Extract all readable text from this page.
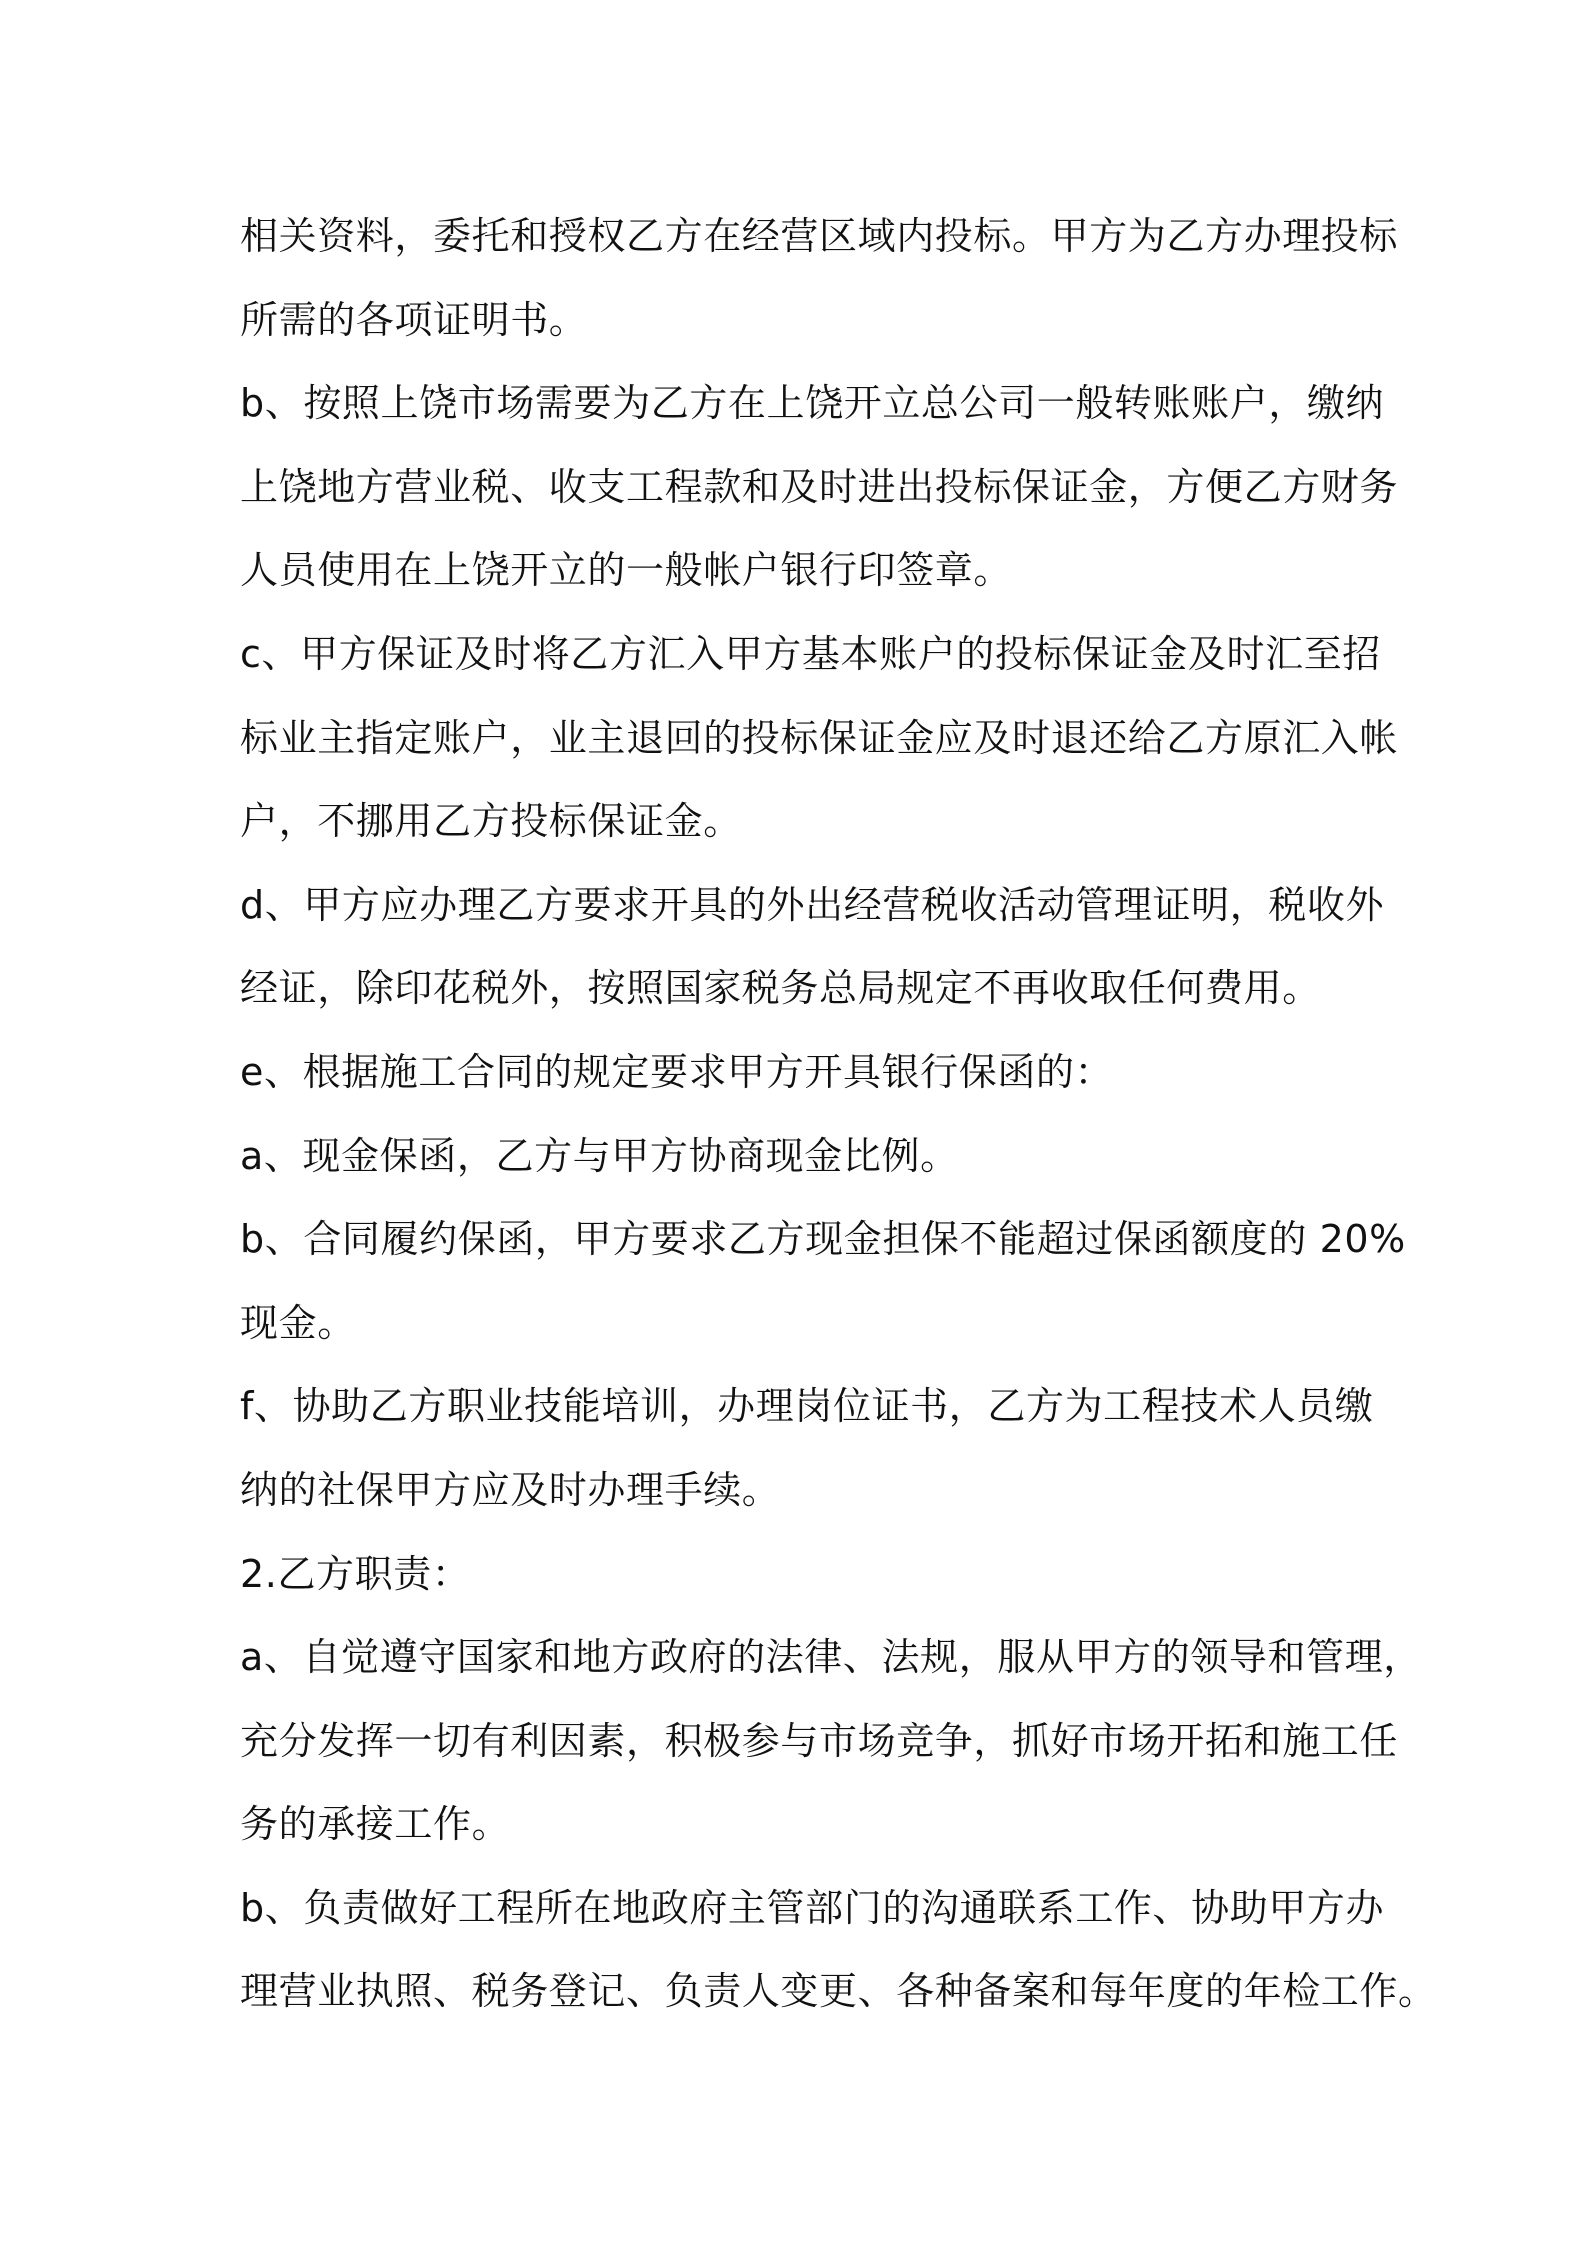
相关资料，委托和授权乙方在经营区域内投标。甲方为乙方办理投标
所需的各项证明书。
b、按照上饶市场需要为乙方在上饶开立总公司一般转账账户，缴纳
上饶地方营业税、收支工程款和及时进出投标保证金，方便乙方财务
人员使用在上饶开立的一般帐户银行印签章。
c、甲方保证及时将乙方汇入甲方基本账户的投标保证金及时汇至招
标业主指定账户，业主退回的投标保证金应及时退还给乙方原汇入帐
户，不挪用乙方投标保证金。
d、甲方应办理乙方要求开具的外出经营税收活动管理证明，税收外
经证，除印花税外，按照国家税务总局规定不再收取任何费用。
e、根据施工合同的规定要求甲方开具银行保函的：
a、现金保函，乙方与甲方协商现金比例。
b、合同履约保函，甲方要求乙方现金担保不能超过保函额度的 20%
现金。
f、协助乙方职业技能培训，办理岗位证书，乙方为工程技术人员缴
纳的社保甲方应及时办理手续。
2.乙方职责：
a、自觉遵守国家和地方政府的法律、法规，服从甲方的领导和管理，
充分发挥一切有利因素，积极参与市场竞争，抓好市场开拓和施工任
务的承接工作。
b、负责做好工程所在地政府主管部门的沟通联系工作、协助甲方办
理营业执照、税务登记、负责人变更、各种备案和每年度的年检工作。
